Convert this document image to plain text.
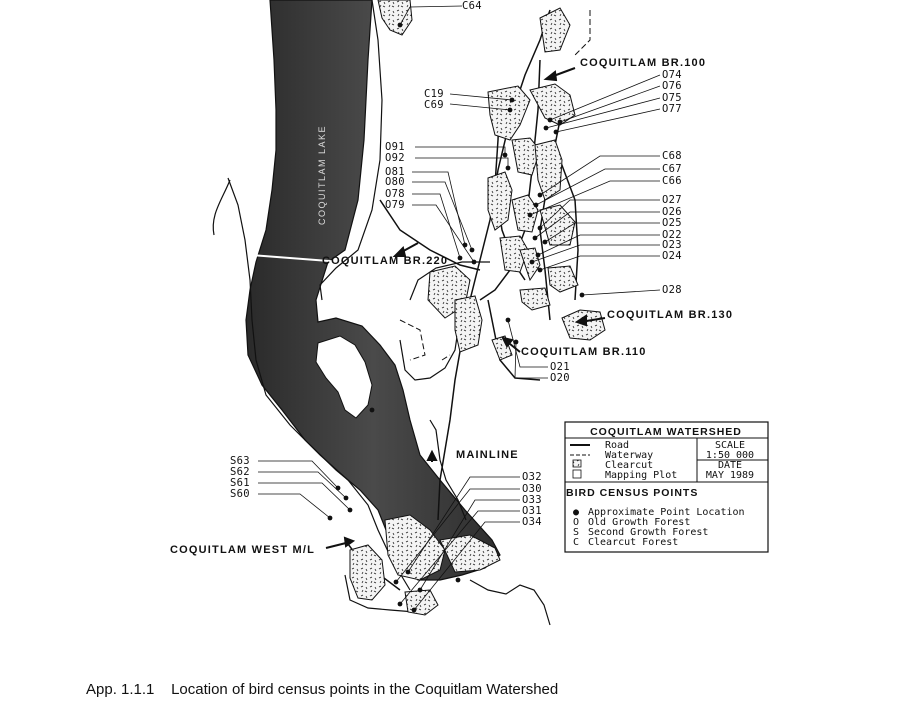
COQUITLAM LAKE
COQUITLAM BR.100
COQUITLAM BR.220
COQUITLAM BR.130
COQUITLAM BR.110
MAINLINE
COQUITLAM WEST M/L
C64
C19
C69
O74
O76
O75
O77
O91
O92
O81
O80
O78
O79
C68
C67
C66
O27
O26
O25
O22
O23
O24
O28
O21
O20
S63
S62
S61
S60
O32
O30
O33
O31
O34
COQUITLAM WATERSHED
Road
Waterway
Clearcut
Mapping Plot
SCALE
1:50 000
DATE
MAY 1989
BIRD CENSUS POINTS
●
O
S
C
Approximate Point Location
Old Growth Forest
Second Growth Forest
Clearcut Forest
App. 1.1.1 Location of bird census points in the Coquitlam Watershed
